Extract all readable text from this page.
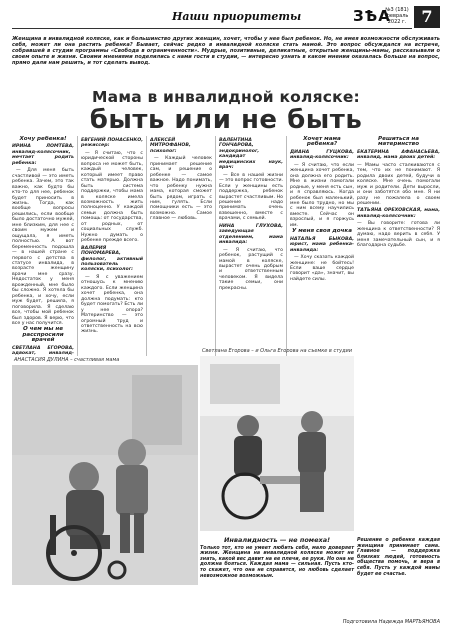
Наши приоритеты	ЗѢА
№3 (181) февраль 2022 г. 7
Женщина в инвалидной коляске, как и большинство других женщин, хочет, чтобы у нее был ребенок. Но, не имея возможности обслуживать себя, может ли она растить ребенка? Бывает, сейчас редко в инвалидной коляске стать мамой. Это вопрос обсуждался на встрече, собравшей в студии программы «Свобода в ограниченности». Мудрые, позитивные, деликатные, открытые женщины-мамы, рассказывали о своем опыте и жизни. Своими мнениями поделились с нами гости в студии, — интересно узнать в каком мнении оказалась больше на вопрос, прямо дали нам решить, и тот сделать вывод.
Мама в инвалидной коляске:
быть или не быть
Хочу ребенка!
ИРИНА ЛОМТЕВА, инвалид-колясочник, мечтает родить ребенка:

— Для меня быть счастливой — это иметь ребенка. Зачем, это так важно, как будто бы кто-то для нее, ребенок будет приносить в жизнь. Тогда, как вообще вопросы решились, если вообще было достаточно мужей, мне близким, для нее с своим мужем и ощущала, я иметь полностью. А вот беременность подошла — в нашей стране с первого с детства в статусе инвалида, в возрасте женщину врачи мне сразу. Недостаток у меня врожденный, мне было бы сложно. Я хотела бы ребенка, и хочу, если муж будет, решила, я поговорила. Я сделаю все, чтобы мой ребенок был здоров. Я верю, что все у нас получится.

О чем мы не расспросили врачей
СВЕТЛАНА ЕГОРОВА, адвокат, инвалид-

ЕВГЕНИЙ ПОНАСЕНКО, режиссер:

— Я считаю, что с юридической стороны вопроса не может быть, каждый человек, который имеет право стать матерью. Должна быть система поддержки, чтобы мама в коляске имела возможность жить полноценно. У каждой семьи должна быть помощь: от государства, от родных, от социальных служб. Нужно думать о ребенке прежде всего.

ВАЛЕРИЯ ПОНОМАРЕВА, филолог, активный пользователь коляски, психолог:

— Я с уважением отношусь к мнению каждого. Если женщина хочет ребенка, она должна подумать: кто будет помогать? Есть ли у нее опора? Материнство — это огромный труд и ответственность на всю жизнь.

АЛЕКСЕЙ МИТРОФАНОВ, психолог:

— Каждый человек принимает решение сам, и решение о ребенке — самое важное. Надо понимать, что ребенку нужна мама, которая сможет быть рядом, играть с ним, гулять. Если помощники есть — это возможно. Самое главное — любовь.

ВАЛЕНТИНА ГОНЧАРОВА, эндокринолог, кандидат медицинских наук, врач:

— Все в нашей жизни — это вопрос готовности. Если у женщины есть поддержка, ребенок вырастет счастливым. Но решение надо принимать очень взвешенно, вместе с врачами, с семьей.

НИНА ГЛУХОВА, заведующая отделением, мама инвалида:

— Я считаю, что ребенок, растущий с мамой в коляске, вырастет очень добрым и ответственным человеком. Я видела такие семьи, они прекрасны.

Хочет мама ребенка?
ДИАНА ГУЦКОВА, инвалид-колясочник:

— Я считаю, что если женщина хочет ребенка, она должна его родить. Мне в жизни помогали родные, у меня есть сын, и я справляюсь. Когда ребенок был маленький, мне было трудно, но мы с ним всему научились вместе. Сейчас он взрослый, и я горжусь им.

У меня своя дочка
НАТАЛЬЯ БЫКОВА, юрист, мама ребенка-инвалида:

— Хочу сказать каждой женщине: не бойтесь! Если ваше сердце говорит «да», значит, вы найдете силы.

Решиться на материнство
ЕКАТЕРИНА АФАНАСЬЕВА, инвалид, мама двоих детей:

— Мамы часто сталкиваются с тем, что их не понимают. Я родила двоих детей, будучи в коляске. Мне очень помогали муж и родители. Дети выросли, и они заботятся обо мне. Я ни разу не пожалела о своем решении.

ТАТЬЯНА ОРЕХОВСКАЯ, мама, инвалид-колясочник:

— Вы говорите: готова ли женщина к ответственности? Я думаю, надо верить в себя. У меня замечательный сын, и я благодарна судьбе.

АНАСТАСИЯ ДУЛИНА – счастливая мама
Светлана Егорова – и Ольга Егорова на съемке в студии
Инвалидность — не помеха!
Только тот, кто не умеет любить себя, мало доверяет жизни. Женщина на инвалидной коляске может не знать, какой вес давит на ее плечи, ее руки. Но она не должна бояться. Каждая мама — сильная. Пусть кто-то скажет, что она не справится, но любовь сделает невозможное возможным.
Решение о ребенке каждая женщина принимает сама. Главное — поддержка близких людей, готовность общества помочь, и вера в себя. Пусть у каждой мамы будет ее счастье.
Подготовила Надежда МАРТЬЯНОВА
